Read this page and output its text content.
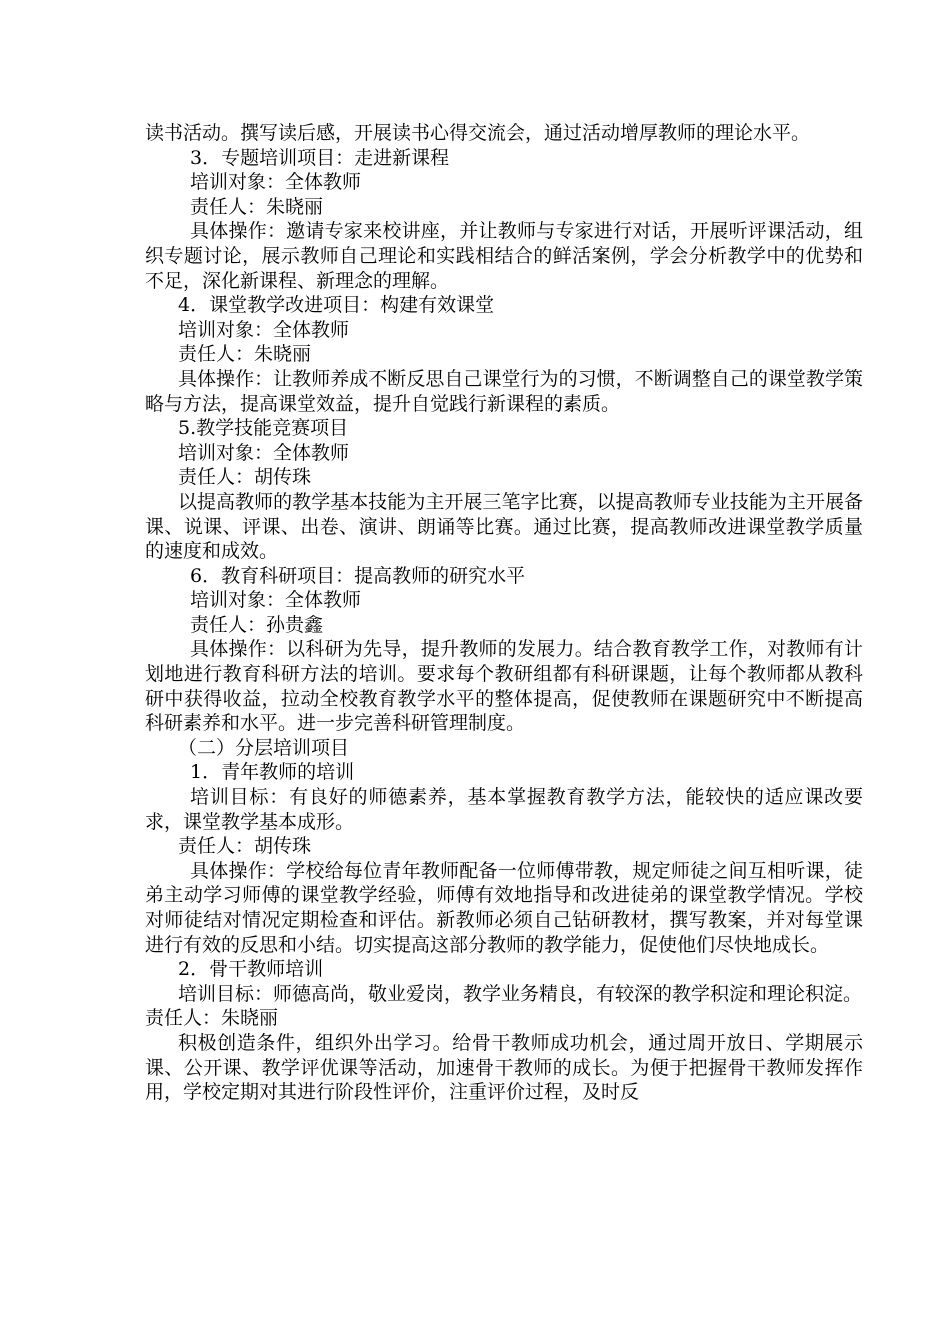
读书活动。撰写读后感，开展读书心得交流会，通过活动增厚教师的理论水平。

3．专题培训项目：走进新课程

培训对象：全体教师

责任人：朱晓丽

具体操作：邀请专家来校讲座，并让教师与专家进行对话，开展听评课活动，组织专题讨论，展示教师自己理论和实践相结合的鲜活案例，学会分析教学中的优势和不足，深化新课程、新理念的理解。

4．课堂教学改进项目：构建有效课堂

培训对象：全体教师

责任人：朱晓丽

具体操作：让教师养成不断反思自己课堂行为的习惯，不断调整自己的课堂教学策略与方法，提高课堂效益，提升自觉践行新课程的素质。

5.教学技能竞赛项目

培训对象：全体教师

责任人：胡传珠

以提高教师的教学基本技能为主开展三笔字比赛，以提高教师专业技能为主开展备课、说课、评课、出卷、演讲、朗诵等比赛。通过比赛，提高教师改进课堂教学质量的速度和成效。

6．教育科研项目：提高教师的研究水平

培训对象：全体教师

责任人：孙贵鑫

具体操作：以科研为先导，提升教师的发展力。结合教育教学工作，对教师有计划地进行教育科研方法的培训。要求每个教研组都有科研课题，让每个教师都从教科研中获得收益，拉动全校教育教学水平的整体提高，促使教师在课题研究中不断提高科研素养和水平。进一步完善科研管理制度。

（二）分层培训项目

1．青年教师的培训

培训目标：有良好的师德素养，基本掌握教育教学方法，能较快的适应课改要求，课堂教学基本成形。

责任人：胡传珠

具体操作：学校给每位青年教师配备一位师傅带教，规定师徒之间互相听课，徒弟主动学习师傅的课堂教学经验，师傅有效地指导和改进徒弟的课堂教学情况。学校对师徒结对情况定期检查和评估。新教师必须自己钻研教材，撰写教案，并对每堂课进行有效的反思和小结。切实提高这部分教师的教学能力，促使他们尽快地成长。

2．骨干教师培训

培训目标：师德高尚，敬业爱岗，教学业务精良，有较深的教学积淀和理论积淀。

责任人：朱晓丽

积极创造条件，组织外出学习。给骨干教师成功机会，通过周开放日、学期展示课、公开课、教学评优课等活动，加速骨干教师的成长。为便于把握骨干教师发挥作用，学校定期对其进行阶段性评价，注重评价过程，及时反
